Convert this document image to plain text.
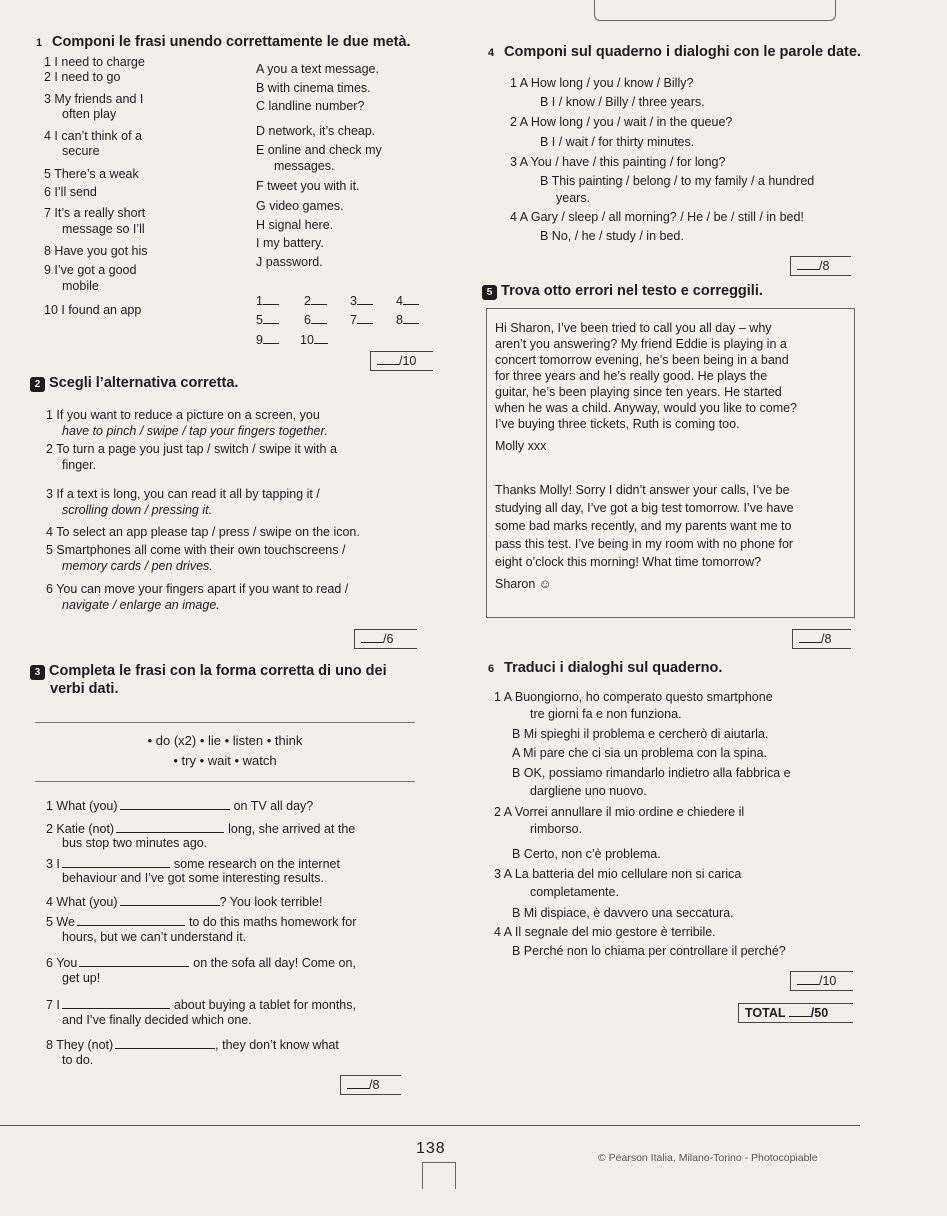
1 Componi le frasi unendo correttamente le due metà.
1 I need to charge
2 I need to go
3 My friends and I
often play
4 I can’t think of a
secure
5 There’s a weak
6 I’ll send
7 It’s a really short
message so I’ll
8 Have you got his
9 I’ve got a good
mobile
10 I found an app
A you a text message.
B with cinema times.
C landline number?
D network, it’s cheap.
E online and check my
messages.
F tweet you with it.
G video games.
H signal here.
I my battery.
J password.
1	2	3	4
5	6	7	8
9	10
/10
2 Scegli l’alternativa corretta.
1 If you want to reduce a picture on a screen, you
have to pinch / swipe / tap your fingers together.
2 To turn a page you just tap / switch / swipe it with a
finger.
3 If a text is long, you can read it all by tapping it /
scrolling down / pressing it.
4 To select an app please tap / press / swipe on the icon.
5 Smartphones all come with their own touchscreens /
memory cards / pen drives.
6 You can move your fingers apart if you want to read /
navigate / enlarge an image.
/6
3 Completa le frasi con la forma corretta di uno dei
verbi dati.
• do (x2) • lie • listen • think
• try • wait • watch
1 What (you)	on TV all day?
2 Katie (not)	long, she arrived at the
bus stop two minutes ago.
3 I	some research on the internet
behaviour and I’ve got some interesting results.
4 What (you)	? You look terrible!
5 We	to do this maths homework for
hours, but we can’t understand it.
6 You	on the sofa all day! Come on,
get up!
7 I	about buying a tablet for months,
and I’ve finally decided which one.
8 They (not)	, they don’t know what
to do.
/8
4 Componi sul quaderno i dialoghi con le parole date.
1 A How long / you / know / Billy?
B I / know / Billy / three years.
2 A How long / you / wait / in the queue?
B I / wait / for thirty minutes.
3 A You / have / this painting / for long?
B This painting / belong / to my family / a hundred
years.
4 A Gary / sleep / all morning? / He / be / still / in bed!
B No, / he / study / in bed.
/8
5 Trova otto errori nel testo e correggili.
Hi Sharon, I’ve been tried to call you all day – why
aren’t you answering? My friend Eddie is playing in a
concert tomorrow evening, he’s been being in a band
for three years and he’s really good. He plays the
guitar, he’s been playing since ten years. He started
when he was a child. Anyway, would you like to come?
I’ve buying three tickets, Ruth is coming too.
Molly xxx
Thanks Molly! Sorry I didn’t answer your calls, I’ve be
studying all day, I’ve got a big test tomorrow. I’ve have
some bad marks recently, and my parents want me to
pass this test. I’ve being in my room with no phone for
eight o’clock this morning! What time tomorrow?
Sharon ☺
/8
6 Traduci i dialoghi sul quaderno.
1 A Buongiorno, ho comperato questo smartphone
tre giorni fa e non funziona.
B Mi spieghi il problema e cercherò di aiutarla.
A Mi pare che ci sia un problema con la spina.
B OK, possiamo rimandarlo indietro alla fabbrica e
dargliene uno nuovo.
2 A Vorrei annullare il mio ordine e chiedere il
rimborso.
B Certo, non c’è problema.
3 A La batteria del mio cellulare non si carica
completamente.
B Mi dispiace, è davvero una seccatura.
4 A Il segnale del mio gestore è terribile.
B Perché non lo chiama per controllare il perché?
/10
TOTAL /50
138
© Pearson Italia, Milano-Torino - Photocopiable
